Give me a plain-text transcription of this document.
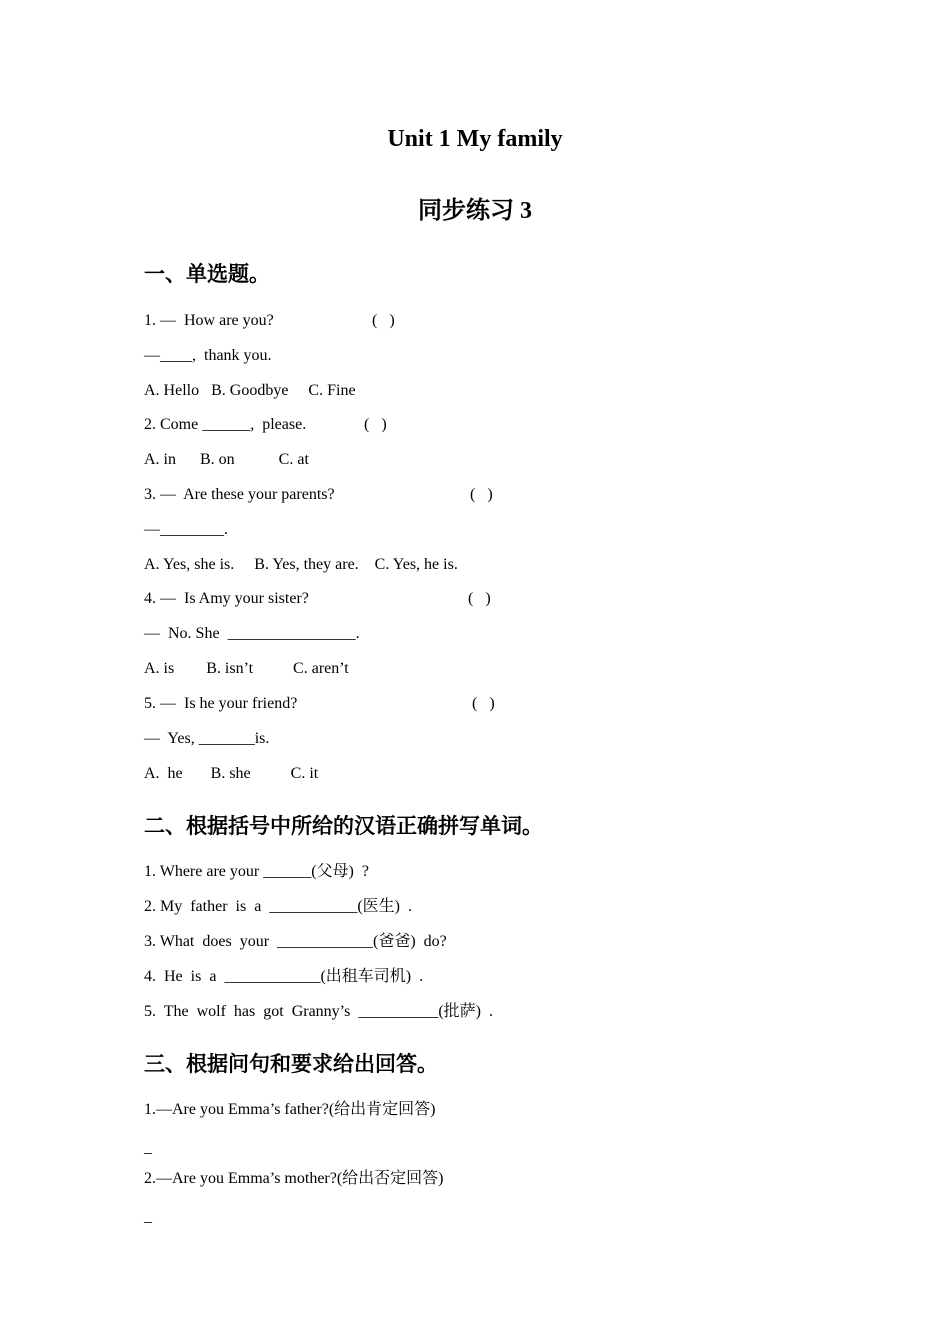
Unit 1 My family
同步练习 3
一、单选题。
1. —  How are you?	(   )
—____,  thank you.
A. Hello   B. Goodbye     C. Fine
2. Come ______,  please.	(   )
A. in      B. on           C. at
3. —  Are these your parents?	(   )
—________.
A. Yes, she is.     B. Yes, they are.    C. Yes, he is.
4. —  Is Amy your sister?	(   )
—  No. She  ________________.
A. is        B. isn’t          C. aren’t
5. —  Is he your friend?	(   )
—  Yes, _______is.
A.  he       B. she          C. it
二、根据括号中所给的汉语正确拼写单词。
1. Where are your ______(父母)  ?
2. My  father  is  a  ___________(医生)  .
3. What  does  your  ____________(爸爸)  do?
4.  He  is  a  ____________(出租车司机)  .
5.  The  wolf  has  got  Granny’s  __________(批萨)  .
三、根据问句和要求给出回答。
1.—Are you Emma’s father?(给出肯定回答)
_
2.—Are you Emma’s mother?(给出否定回答)
_
